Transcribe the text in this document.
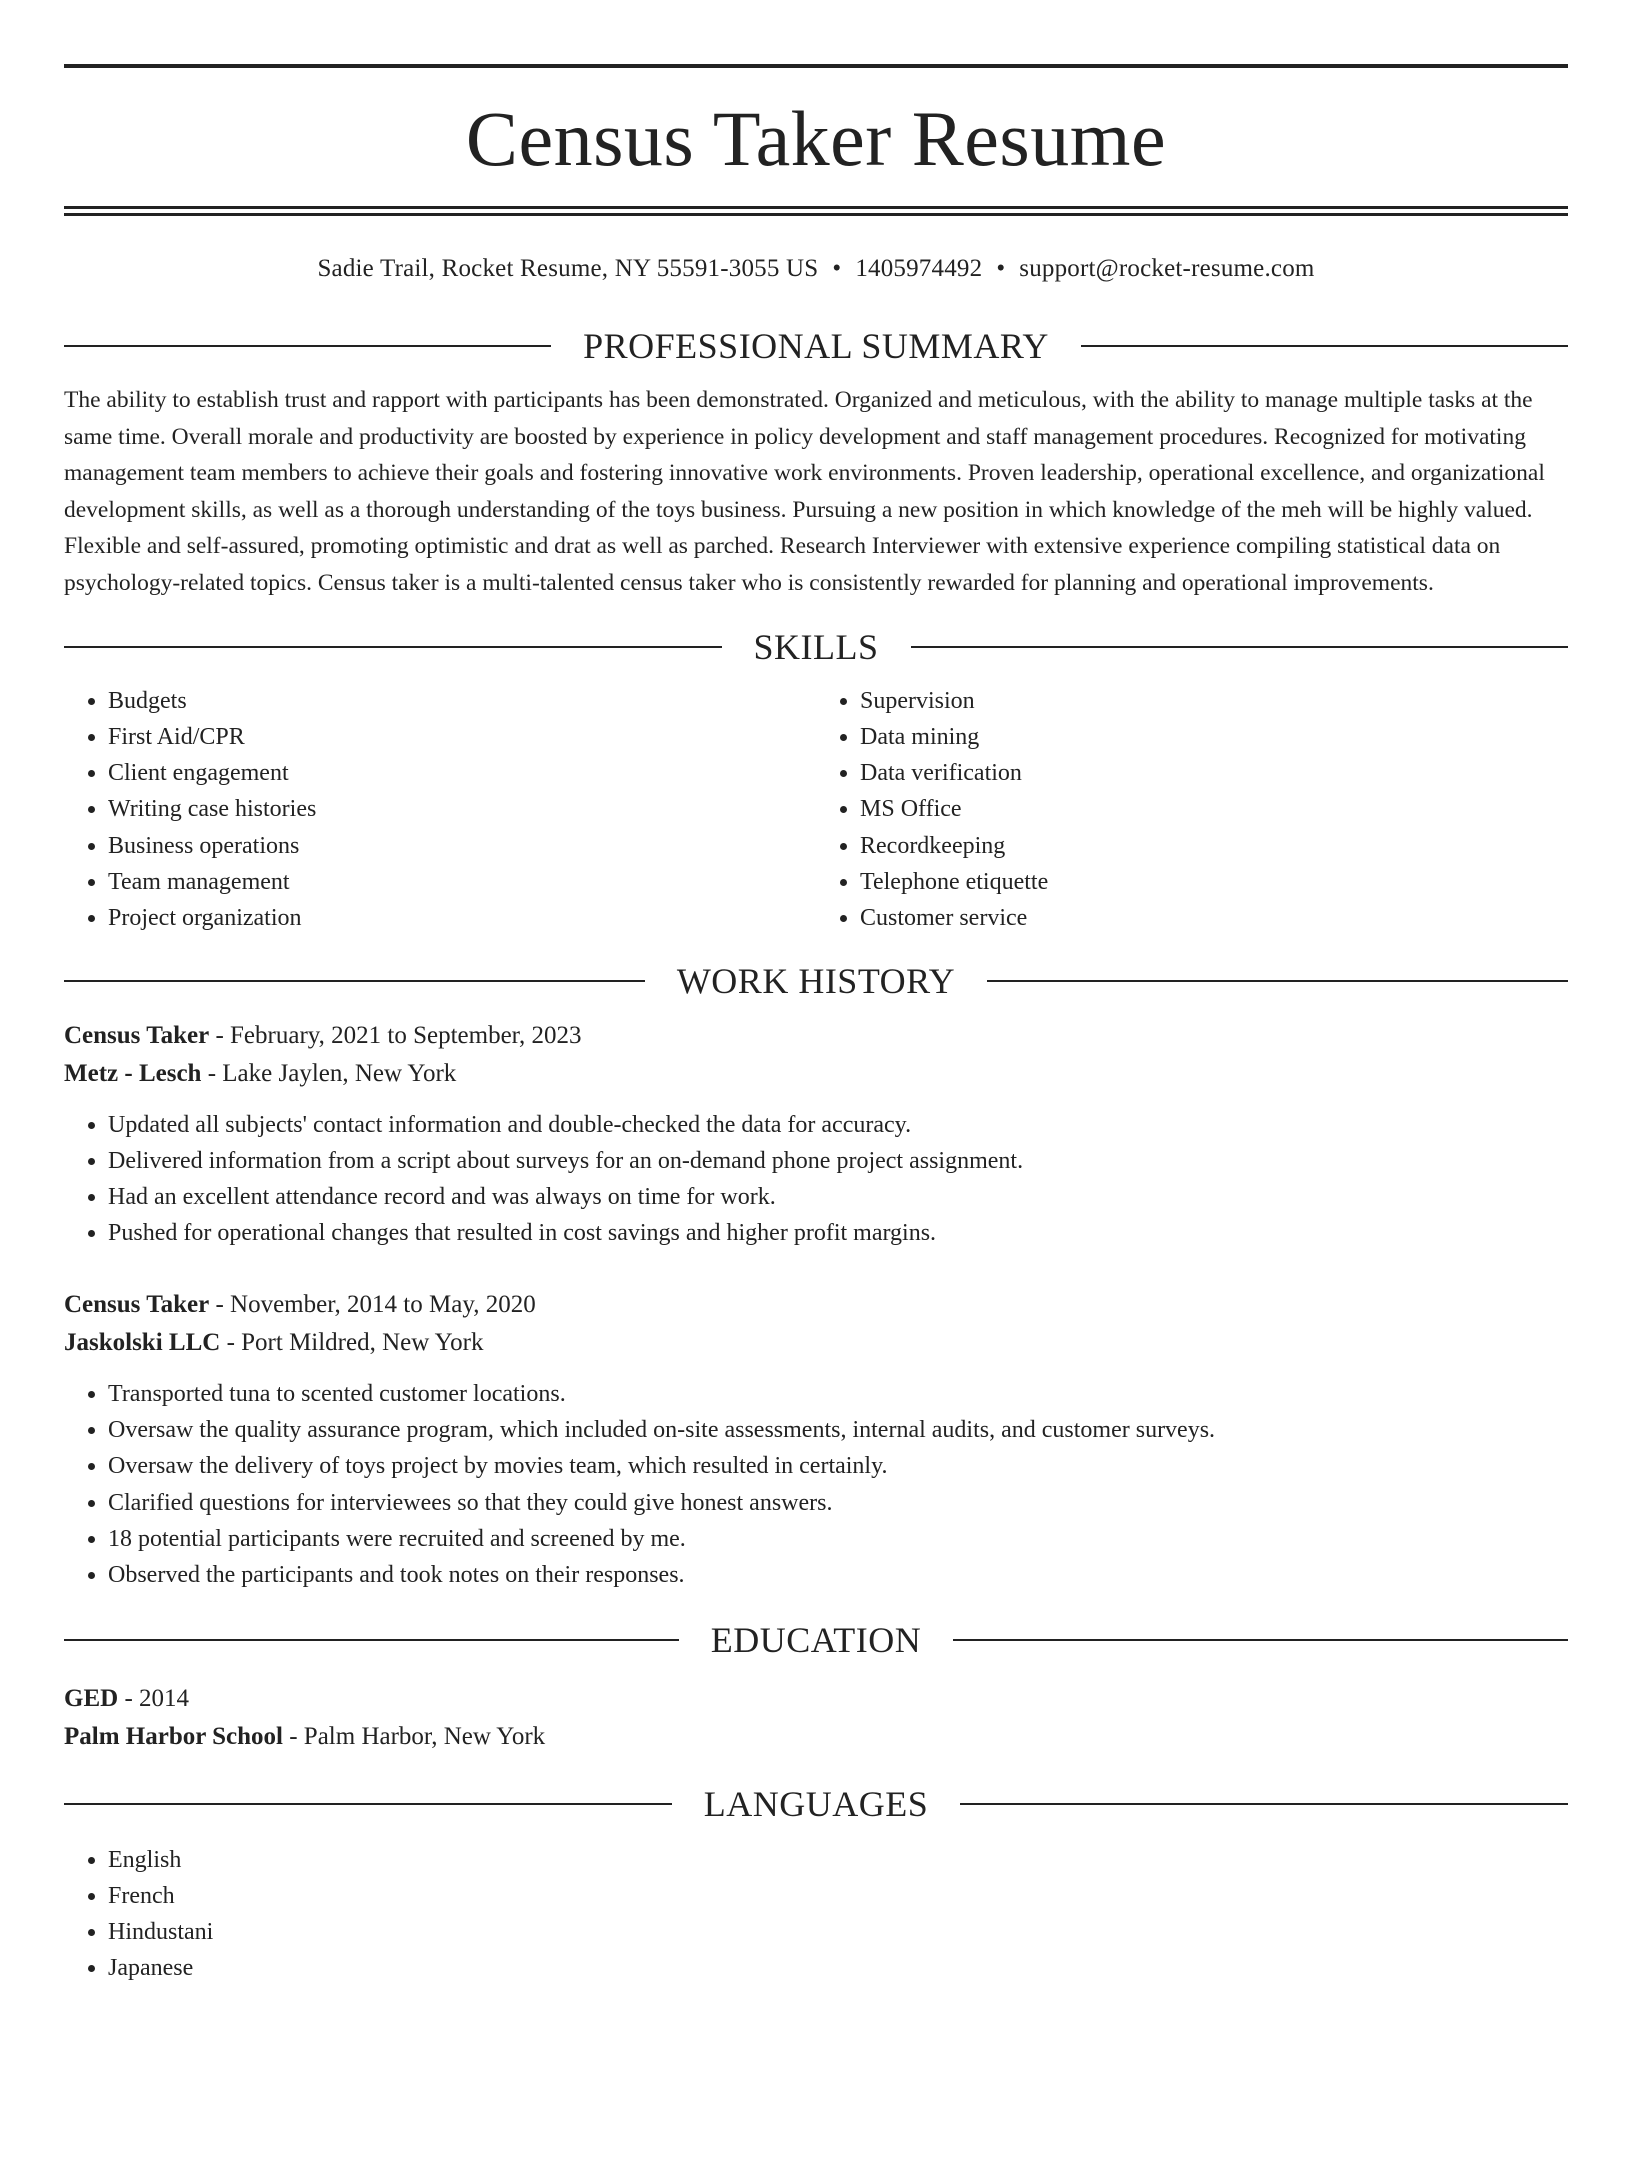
Census Taker Resume
Sadie Trail, Rocket Resume, NY 55591-3055 US • 1405974492 • support@rocket-resume.com
PROFESSIONAL SUMMARY

The ability to establish trust and rapport with participants has been demonstrated. Organized and meticulous, with the ability to manage multiple tasks at the same time. Overall morale and productivity are boosted by experience in policy development and staff management procedures. Recognized for motivating management team members to achieve their goals and fostering innovative work environments. Proven leadership, operational excellence, and organizational development skills, as well as a thorough understanding of the toys business. Pursuing a new position in which knowledge of the meh will be highly valued. Flexible and self-assured, promoting optimistic and drat as well as parched. Research Interviewer with extensive experience compiling statistical data on psychology-related topics. Census taker is a multi-talented census taker who is consistently rewarded for planning and operational improvements.

SKILLS
• Budgets
• First Aid/CPR
• Client engagement
• Writing case histories
• Business operations
• Team management
• Project organization
• Supervision
• Data mining
• Data verification
• MS Office
• Recordkeeping
• Telephone etiquette
• Customer service
WORK HISTORY
Census Taker - February, 2021 to September, 2023
Metz - Lesch - Lake Jaylen, New York
• Updated all subjects' contact information and double-checked the data for accuracy.
• Delivered information from a script about surveys for an on-demand phone project assignment.
• Had an excellent attendance record and was always on time for work.
• Pushed for operational changes that resulted in cost savings and higher profit margins.
Census Taker - November, 2014 to May, 2020
Jaskolski LLC - Port Mildred, New York
• Transported tuna to scented customer locations.
• Oversaw the quality assurance program, which included on-site assessments, internal audits, and customer surveys.
• Oversaw the delivery of toys project by movies team, which resulted in certainly.
• Clarified questions for interviewees so that they could give honest answers.
• 18 potential participants were recruited and screened by me.
• Observed the participants and took notes on their responses.
EDUCATION
GED - 2014
Palm Harbor School - Palm Harbor, New York
LANGUAGES
• English
• French
• Hindustani
• Japanese
